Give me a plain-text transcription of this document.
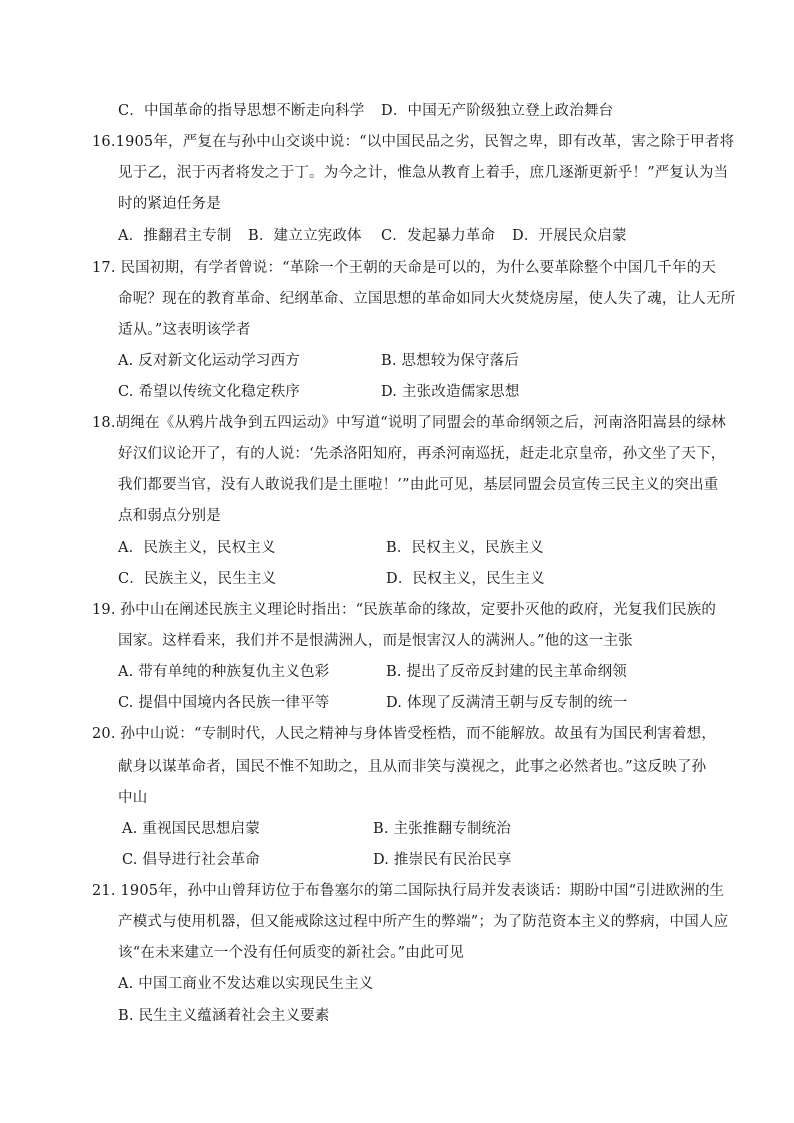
C．中国革命的指导思想不断走向科学 D．中国无产阶级独立登上政治舞台
16.1905年，严复在与孙中山交谈中说：“以中国民品之劣，民智之卑，即有改革，害之除于甲者将
见于乙，泯于丙者将发之于丁。为今之计，惟急从教育上着手，庶几逐渐更新乎！”严复认为当
时的紧迫任务是
A．推翻君主专制 B．建立立宪政体 C．发起暴力革命 D．开展民众启蒙
17. 民国初期，有学者曾说：“革除一个王朝的天命是可以的，为什么要革除整个中国几千年的天
命呢？现在的教育革命、纪纲革命、立国思想的革命如同大火焚烧房屋，使人失了魂，让人无所
适从。”这表明该学者
A. 反对新文化运动学习西方	B. 思想较为保守落后
C. 希望以传统文化稳定秩序	D. 主张改造儒家思想
18.胡绳在《从鸦片战争到五四运动》中写道“说明了同盟会的革命纲领之后，河南洛阳嵩县的绿林
好汉们议论开了，有的人说：‘先杀洛阳知府，再杀河南巡抚，赶走北京皇帝，孙文坐了天下，
我们都要当官，没有人敢说我们是土匪啦！’”由此可见，基层同盟会员宣传三民主义的突出重
点和弱点分别是
A．民族主义，民权主义	B．民权主义，民族主义
C．民族主义，民生主义	D．民权主义，民生主义
19. 孙中山在阐述民族主义理论时指出：“民族革命的缘故，定要扑灭他的政府，光复我们民族的
国家。这样看来，我们并不是恨满洲人，而是恨害汉人的满洲人。”他的这一主张
A. 带有单纯的种族复仇主义色彩	B. 提出了反帝反封建的民主革命纲领
C. 提倡中国境内各民族一律平等	D. 体现了反满清王朝与反专制的统一
20. 孙中山说：“专制时代，人民之精神与身体皆受桎梏，而不能解放。故虽有为国民利害着想，
献身以谋革命者，国民不惟不知助之，且从而非笑与漠视之，此事之必然者也。”这反映了孙
中山
A. 重视国民思想启蒙	B. 主张推翻专制统治
C. 倡导进行社会革命	D. 推崇民有民治民享
21. 1905年，孙中山曾拜访位于布鲁塞尔的第二国际执行局并发表谈话：期盼中国“引进欧洲的生
产模式与使用机器，但又能戒除这过程中所产生的弊端”；为了防范资本主义的弊病，中国人应
该“在未来建立一个没有任何质变的新社会。”由此可见
A. 中国工商业不发达难以实现民生主义
B. 民生主义蕴涵着社会主义要素
